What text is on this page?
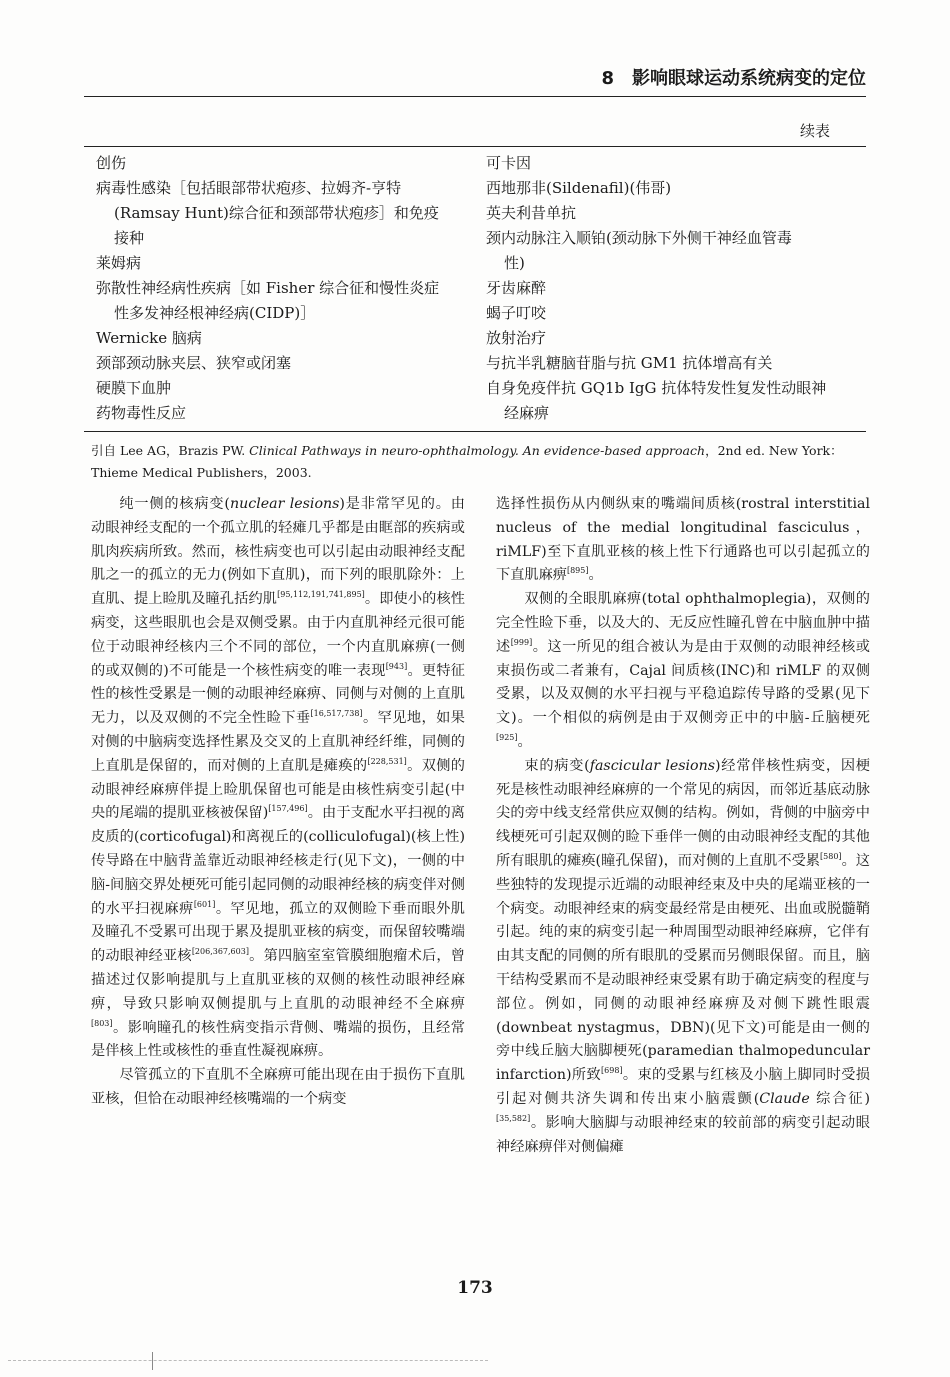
8　影响眼球运动系统病变的定位
续表
创伤
病毒性感染［包括眼部带状疱疹、拉姆齐-亨特
(Ramsay Hunt)综合征和颈部带状疱疹］和免疫
接种
莱姆病
弥散性神经病性疾病［如 Fisher 综合征和慢性炎症
性多发神经根神经病(CIDP)］
Wernicke 脑病
颈部颈动脉夹层、狭窄或闭塞
硬膜下血肿
药物毒性反应
可卡因
西地那非(Sildenafil)(伟哥)
英夫利昔单抗
颈内动脉注入顺铂(颈动脉下外侧干神经血管毒
性)
牙齿麻醉
蝎子叮咬
放射治疗
与抗半乳糖脑苷脂与抗 GM1 抗体增高有关
自身免疫伴抗 GQ1b IgG 抗体特发性复发性动眼神
经麻痹
引自 Lee AG，Brazis PW. Clinical Pathways in neuro-ophthalmology. An evidence-based approach，2nd ed. New York：Thieme Medical Publishers，2003.

纯一侧的核病变(nuclear lesions)是非常罕见的。由动眼神经支配的一个孤立肌的轻瘫几乎都是由眶部的疾病或肌肉疾病所致。然而，核性病变也可以引起由动眼神经支配肌之一的孤立的无力(例如下直肌)，而下列的眼肌除外：上直肌、提上睑肌及瞳孔括约肌[95,112,191,741,895]。即使小的核性病变，这些眼肌也会是双侧受累。由于内直肌神经元很可能位于动眼神经核内三个不同的部位，一个内直肌麻痹(一侧的或双侧的)不可能是一个核性病变的唯一表现[943]。更特征性的核性受累是一侧的动眼神经麻痹、同侧与对侧的上直肌无力，以及双侧的不完全性睑下垂[16,517,738]。罕见地，如果对侧的中脑病变选择性累及交叉的上直肌神经纤维，同侧的上直肌是保留的，而对侧的上直肌是瘫痪的[228,531]。双侧的动眼神经麻痹伴提上睑肌保留也可能是由核性病变引起(中央的尾端的提肌亚核被保留)[157,496]。由于支配水平扫视的离皮质的(corticofugal)和离视丘的(colliculofugal)(核上性)传导路在中脑背盖靠近动眼神经核走行(见下文)，一侧的中脑-间脑交界处梗死可能引起同侧的动眼神经核的病变伴对侧的水平扫视麻痹[601]。罕见地，孤立的双侧睑下垂而眼外肌及瞳孔不受累可出现于累及提肌亚核的病变，而保留较嘴端的动眼神经亚核[206,367,603]。第四脑室室管膜细胞瘤术后，曾描述过仅影响提肌与上直肌亚核的双侧的核性动眼神经麻痹，导致只影响双侧提肌与上直肌的动眼神经不全麻痹[803]。影响瞳孔的核性病变指示背侧、嘴端的损伤，且经常是伴核上性或核性的垂直性凝视麻痹。

尽管孤立的下直肌不全麻痹可能出现在由于损伤下直肌亚核，但恰在动眼神经核嘴端的一个病变

选择性损伤从内侧纵束的嘴端间质核(rostral interstitial nucleus of the medial longitudinal fasciculus，riMLF)至下直肌亚核的核上性下行通路也可以引起孤立的下直肌麻痹[895]。

双侧的全眼肌麻痹(total ophthalmoplegia)，双侧的完全性睑下垂，以及大的、无反应性瞳孔曾在中脑血肿中描述[999]。这一所见的组合被认为是由于双侧的动眼神经核或束损伤或二者兼有，Cajal 间质核(INC)和 riMLF 的双侧受累，以及双侧的水平扫视与平稳追踪传导路的受累(见下文)。一个相似的病例是由于双侧旁正中的中脑-丘脑梗死[925]。

束的病变(fascicular lesions)经常伴核性病变，因梗死是核性动眼神经麻痹的一个常见的病因，而邻近基底动脉尖的旁中线支经常供应双侧的结构。例如，背侧的中脑旁中线梗死可引起双侧的睑下垂伴一侧的由动眼神经支配的其他所有眼肌的瘫痪(瞳孔保留)，而对侧的上直肌不受累[580]。这些独特的发现提示近端的动眼神经束及中央的尾端亚核的一个病变。动眼神经束的病变最经常是由梗死、出血或脱髓鞘引起。纯的束的病变引起一种周围型动眼神经麻痹，它伴有由其支配的同侧的所有眼肌的受累而另侧眼保留。而且，脑干结构受累而不是动眼神经束受累有助于确定病变的程度与部位。例如，同侧的动眼神经麻痹及对侧下跳性眼震(downbeat nystagmus，DBN)(见下文)可能是由一侧的旁中线丘脑大脑脚梗死(paramedian thalmopeduncular infarction)所致[698]。束的受累与红核及小脑上脚同时受损引起对侧共济失调和传出束小脑震颤(Claude 综合征)[35,582]。影响大脑脚与动眼神经束的较前部的病变引起动眼神经麻痹伴对侧偏瘫

173
